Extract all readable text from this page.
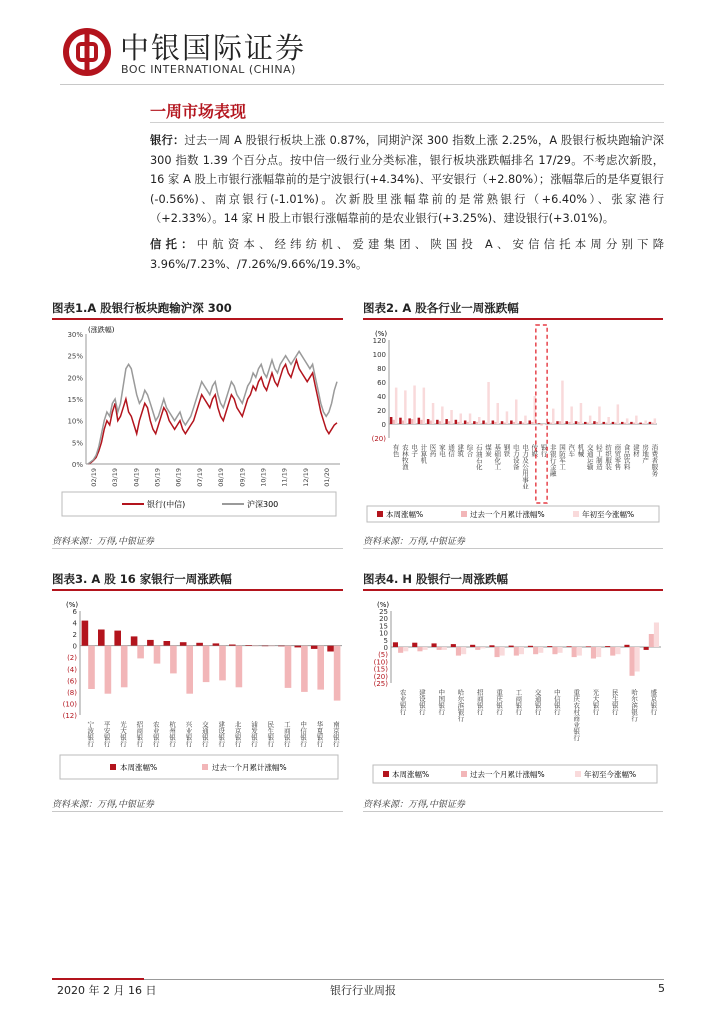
中银国际证券
BOC INTERNATIONAL (CHINA)
一周市场表现
银行：过去一周 A 股银行板块上涨 0.87%，同期沪深 300 指数上涨 2.25%，A 股银行板块跑输沪深 300 指数 1.39 个百分点。按中信一级行业分类标准，银行板块涨跌幅排名 17/29。不考虑次新股，16 家 A 股上市银行涨幅靠前的是宁波银行(+4.34%)、平安银行（+2.80%）；涨幅靠后的是华夏银行 (-0.56%)、南京银行(-1.01%)。次新股里涨幅靠前的是常熟银行（+6.40%）、张家港行（+2.33%）。14 家 H 股上市银行涨幅靠前的是农业银行(+3.25%)、建设银行(+3.01%)。
信托：中航资本、经纬纺机、爱建集团、陕国投 A、安信信托本周分别下降 3.96%/7.23%、/7.26%/9.66%/19.3%。
图表1.A 股银行板块跑输沪深 300	图表2. A 股各行业一周涨跌幅
(涨跌幅)
0%
5%
10%
15%
20%
25%
30%
02/19 03/19 04/19 05/19 06/19 07/19 08/19 09/19 10/19 11/19 12/19 01/20
银行(中信)	沪深300
(%)
(20)
0
20
40
60
80
100
120
有色 农林牧渔 电子 计算机 医药 家电 通信 建筑 综合 石油石化 煤炭 基础化工 钢铁 电力设备 电力及公用事业 传媒 银行 非银行金融 国防军工 汽车 机械 交通运输 轻工制造 纺织服装 商贸零售 食品饮料 建材 房地产 消费者服务
本周涨幅%	过去一个月累计涨幅%	年初至今涨幅%
资料来源：万得,中银证券	资料来源：万得,中银证券
图表3. A 股 16 家银行一周涨跌幅	图表4. H 股银行一周涨跌幅
(%)
(12)
(10)
(8)
(6)
(4)
(2)
0
2
4
6
宁波银行 平安银行 光大银行 招商银行 农业银行 杭州银行 兴业银行 交通银行 建设银行 北京银行 浦发银行 民生银行 工商银行 中信银行 华夏银行 南京银行
本周涨幅%	过去一个月累计涨幅%
(%)
(25)
(20)
(15)
(10)
(5)
0
5
10
15
20
25
农业银行 建设银行 中国银行 哈尔滨银行 招商银行 重庆银行 工商银行 交通银行 中信银行 重庆农村商业银行 光大银行 民生银行 哈尔滨银行 盛京银行
本周涨幅%	过去一个月累计涨幅%	年初至今涨幅%
资料来源：万得,中银证券	资料来源：万得,中银证券
2020 年 2 月 16 日	银行行业周报	5
